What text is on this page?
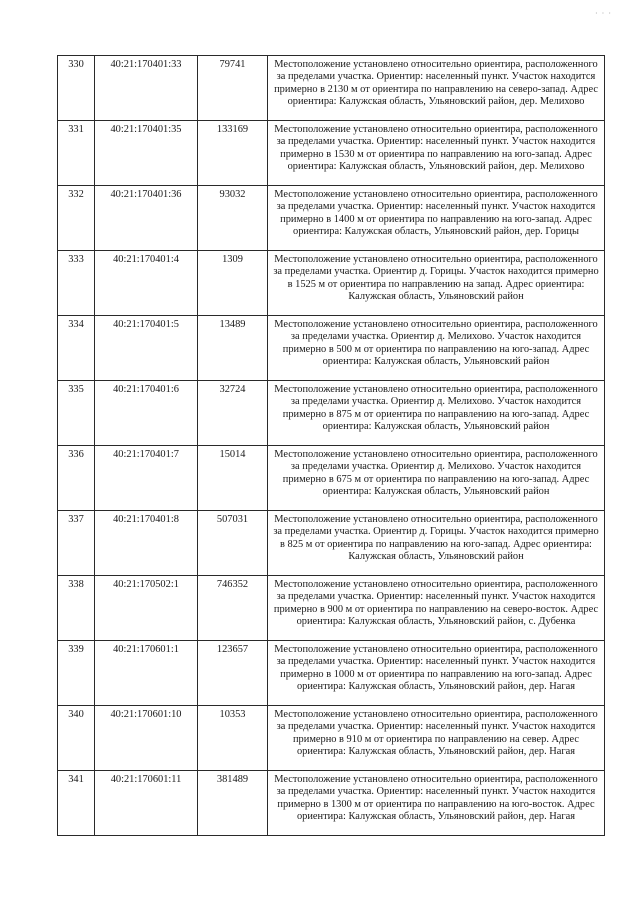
· · ·
330	40:21:170401:33	79741	Местоположение установлено относительно ориентира, расположенного за пределами участка. Ориентир: населенный пункт. Участок находится примерно в 2130 м от ориентира по направлению на северо-запад. Адрес ориентира: Калужская область, Ульяновский район, дер. Мелихово
331	40:21:170401:35	133169	Местоположение установлено относительно ориентира, расположенного за пределами участка. Ориентир: населенный пункт. Участок находится примерно в 1530 м от ориентира по направлению на юго-запад. Адрес ориентира: Калужская область, Ульяновский район, дер. Мелихово
332	40:21:170401:36	93032	Местоположение установлено относительно ориентира, расположенного за пределами участка. Ориентир: населенный пункт. Участок находится примерно в 1400 м от ориентира по направлению на юго-запад. Адрес ориентира: Калужская область, Ульяновский район, дер. Горицы
333	40:21:170401:4	1309	Местоположение установлено относительно ориентира, расположенного за пределами участка. Ориентир д. Горицы. Участок находится примерно в 1525 м от ориентира по направлению на запад. Адрес ориентира: Калужская область, Ульяновский район
334	40:21:170401:5	13489	Местоположение установлено относительно ориентира, расположенного за пределами участка. Ориентир д. Мелихово. Участок находится примерно в 500 м от ориентира по направлению на юго-запад. Адрес ориентира: Калужская область, Ульяновский район
335	40:21:170401:6	32724	Местоположение установлено относительно ориентира, расположенного за пределами участка. Ориентир д. Мелихово. Участок находится примерно в 875 м от ориентира по направлению на юго-запад. Адрес ориентира: Калужская область, Ульяновский район
336	40:21:170401:7	15014	Местоположение установлено относительно ориентира, расположенного за пределами участка. Ориентир д. Мелихово. Участок находится примерно в 675 м от ориентира по направлению на юго-запад. Адрес ориентира: Калужская область, Ульяновский район
337	40:21:170401:8	507031	Местоположение установлено относительно ориентира, расположенного за пределами участка. Ориентир д. Горицы. Участок находится примерно в 825 м от ориентира по направлению на юго-запад. Адрес ориентира: Калужская область, Ульяновский район
338	40:21:170502:1	746352	Местоположение установлено относительно ориентира, расположенного за пределами участка. Ориентир: населенный пункт. Участок находится примерно в 900 м от ориентира по направлению на северо-восток. Адрес ориентира: Калужская область, Ульяновский район, с. Дубенка
339	40:21:170601:1	123657	Местоположение установлено относительно ориентира, расположенного за пределами участка. Ориентир: населенный пункт. Участок находится примерно в 1000 м от ориентира по направлению на юго-запад. Адрес ориентира: Калужская область, Ульяновский район, дер. Нагая
340	40:21:170601:10	10353	Местоположение установлено относительно ориентира, расположенного за пределами участка. Ориентир: населенный пункт. Участок находится примерно в 910 м от ориентира по направлению на север. Адрес ориентира: Калужская область, Ульяновский район, дер. Нагая
341	40:21:170601:11	381489	Местоположение установлено относительно ориентира, расположенного за пределами участка. Ориентир: населенный пункт. Участок находится примерно в 1300 м от ориентира по направлению на юго-восток. Адрес ориентира: Калужская область, Ульяновский район, дер. Нагая
